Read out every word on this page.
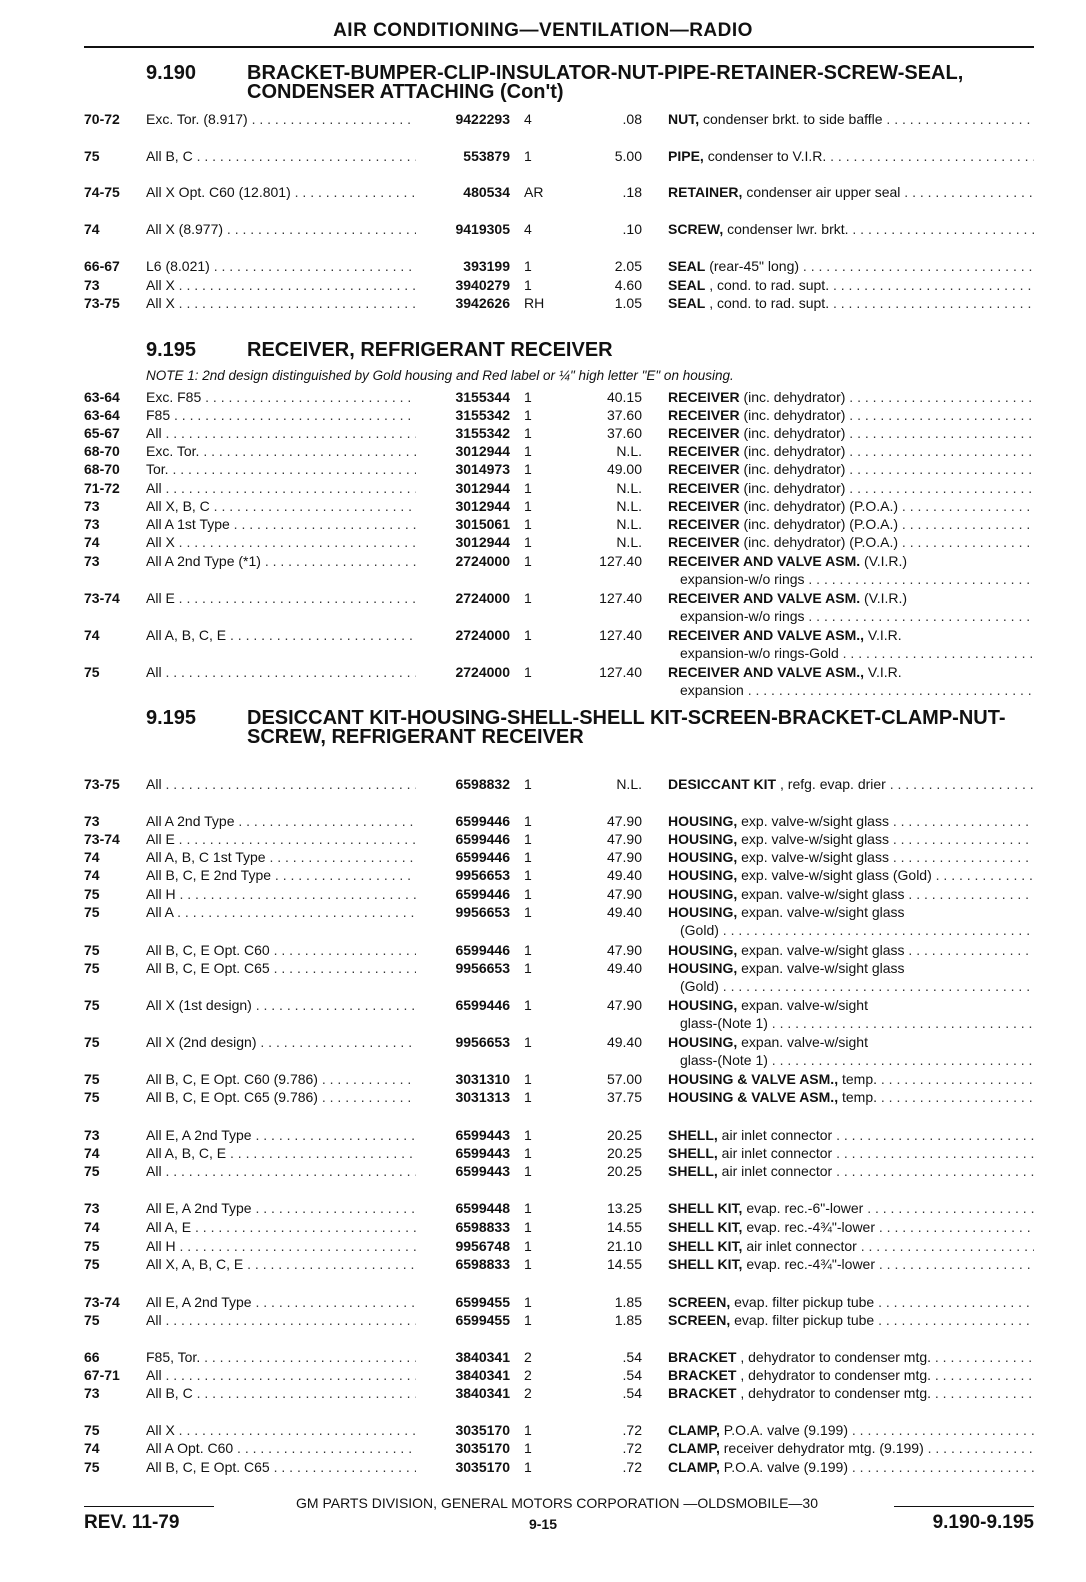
AIR CONDITIONING—VENTILATION—RADIO
9.190	BRACKET-BUMPER-CLIP-INSULATOR-NUT-PIPE-RETAINER-SCREW-SEAL, CONDENSER ATTACHING (Con't)
9.195	RECEIVER, REFRIGERANT RECEIVER
NOTE 1: 2nd design distinguished by Gold housing and Red label or ¼" high letter "E" on housing.
9.195	DESICCANT KIT-HOUSING-SHELL-SHELL KIT-SCREEN-BRACKET-CLAMP-NUT-SCREW, REFRIGERANT RECEIVER
70-72 Exc. Tor. (8.917) . . .	9422293 4	.08 NUT, condenser brkt. to side baffle . . .
75	All B, C . . .	553879 1	5.00 PIPE, condenser to V.I.R. . . .
74-75 All X Opt. C60 (12.801) . . .	480534 AR	.18 RETAINER, condenser air upper seal . . .
74	All X (8.977) . . .	9419305 4	.10 SCREW, condenser lwr. brkt. . . .
66-67 L6 (8.021) . . .	393199 1	2.05 SEAL (rear-45" long) . . .
73	All X . . .	3940279 1	4.60 SEAL , cond. to rad. supt. . . .
73-75 All X . . .	3942626 RH	1.05 SEAL , cond. to rad. supt. . . .
63-64 Exc. F85 . . .	3155344 1	40.15 RECEIVER (inc. dehydrator) . . .
63-64 F85 . . .	3155342 1	37.60 RECEIVER (inc. dehydrator) . . .
65-67 All . . .	3155342 1	37.60 RECEIVER (inc. dehydrator) . . .
68-70 Exc. Tor. . . .	3012944 1	N.L. RECEIVER (inc. dehydrator) . . .
68-70 Tor. . . .	3014973 1	49.00 RECEIVER (inc. dehydrator) . . .
71-72 All . . .	3012944 1	N.L. RECEIVER (inc. dehydrator) . . .
73	All X, B, C . . .	3012944 1	N.L. RECEIVER (inc. dehydrator) (P.O.A.) . . .
73	All A 1st Type . . .	3015061 1	N.L. RECEIVER (inc. dehydrator) (P.O.A.) . . .
74	All X . . .	3012944 1	N.L. RECEIVER (inc. dehydrator) (P.O.A.) . . .
73	All A 2nd Type (*1) . . .	2724000 1	127.40 RECEIVER AND VALVE ASM. (V.I.R.)
expansion-w/o rings . . .
73-74 All E . . .	2724000 1	127.40 RECEIVER AND VALVE ASM. (V.I.R.)
expansion-w/o rings . . .
74	All A, B, C, E . . .	2724000 1	127.40 RECEIVER AND VALVE ASM., V.I.R.
expansion-w/o rings-Gold . . .
75	All . . .	2724000 1	127.40 RECEIVER AND VALVE ASM., V.I.R.
expansion . . .
73-75 All . . .	6598832 1	N.L. DESICCANT KIT , refg. evap. drier . . .
73	All A 2nd Type . . .	6599446 1	47.90 HOUSING, exp. valve-w/sight glass . . .
73-74 All E . . .	6599446 1	47.90 HOUSING, exp. valve-w/sight glass . . .
74	All A, B, C 1st Type . . .	6599446 1	47.90 HOUSING, exp. valve-w/sight glass . . .
74	All B, C, E 2nd Type . . .	9956653 1	49.40 HOUSING, exp. valve-w/sight glass (Gold) . . .
75	All H . . .	6599446 1	47.90 HOUSING, expan. valve-w/sight glass . . .
75	All A . . .	9956653 1	49.40 HOUSING, expan. valve-w/sight glass
(Gold) . . .
75	All B, C, E Opt. C60 . . .	6599446 1	47.90 HOUSING, expan. valve-w/sight glass . . .
75	All B, C, E Opt. C65 . . .	9956653 1	49.40 HOUSING, expan. valve-w/sight glass
(Gold) . . .
75	All X (1st design) . . .	6599446 1	47.90 HOUSING, expan. valve-w/sight
glass-(Note 1) . . .
75	All X (2nd design) . . .	9956653 1	49.40 HOUSING, expan. valve-w/sight
glass-(Note 1) . . .
75	All B, C, E Opt. C60 (9.786) . . .	3031310 1	57.00 HOUSING & VALVE ASM., temp. . . .
75	All B, C, E Opt. C65 (9.786) . . .	3031313 1	37.75 HOUSING & VALVE ASM., temp. . . .
73	All E, A 2nd Type . . .	6599443 1	20.25 SHELL, air inlet connector . . .
74	All A, B, C, E . . .	6599443 1	20.25 SHELL, air inlet connector . . .
75	All . . .	6599443 1	20.25 SHELL, air inlet connector . . .
73	All E, A 2nd Type . . .	6599448 1	13.25 SHELL KIT, evap. rec.-6"-lower . . .
74	All A, E . . .	6598833 1	14.55 SHELL KIT, evap. rec.-4¾"-lower . . .
75	All H . . .	9956748 1	21.10 SHELL KIT, air inlet connector . . .
75	All X, A, B, C, E . . .	6598833 1	14.55 SHELL KIT, evap. rec.-4¾"-lower . . .
73-74 All E, A 2nd Type . . .	6599455 1	1.85 SCREEN, evap. filter pickup tube . . .
75	All . . .	6599455 1	1.85 SCREEN, evap. filter pickup tube . . .
66	F85, Tor. . . .	3840341 2	.54 BRACKET , dehydrator to condenser mtg. . . .
67-71 All . . .	3840341 2	.54 BRACKET , dehydrator to condenser mtg. . . .
73	All B, C . . .	3840341 2	.54 BRACKET , dehydrator to condenser mtg. . . .
75	All X . . .	3035170 1	.72 CLAMP, P.O.A. valve (9.199) . . .
74	All A Opt. C60 . . .	3035170 1	.72 CLAMP, receiver dehydrator mtg. (9.199) . . .
75	All B, C, E Opt. C65 . . .	3035170 1	.72 CLAMP, P.O.A. valve (9.199) . . .
GM PARTS DIVISION, GENERAL MOTORS CORPORATION —OLDSMOBILE—30
REV. 11-79	9-15	9.190-9.195
